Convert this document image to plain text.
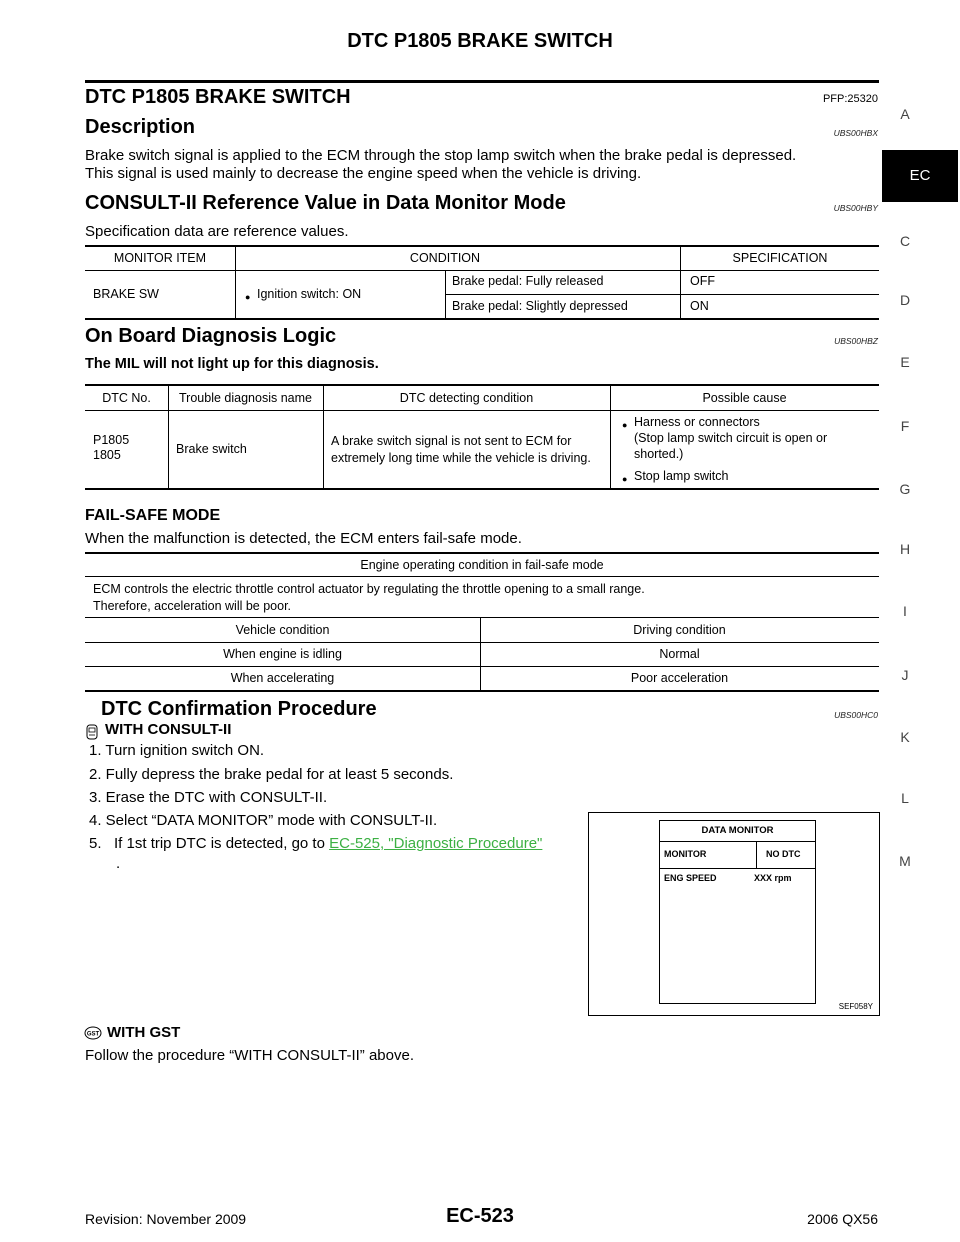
DTC P1805 BRAKE SWITCH
DTC P1805 BRAKE SWITCH	PFP:25320
Description	UBS00HBX
Brake switch signal is applied to the ECM through the stop lamp switch when the brake pedal is depressed.
This signal is used mainly to decrease the engine speed when the vehicle is driving.
CONSULT-II Reference Value in Data Monitor Mode	UBS00HBY
Specification data are reference values.
MONITOR ITEM	CONDITION	SPECIFICATION
BRAKE SW
●	Ignition switch: ON
Brake pedal: Fully released	OFF
Brake pedal: Slightly depressed	ON
On Board Diagnosis Logic	UBS00HBZ
The MIL will not light up for this diagnosis.
DTC No.	Trouble diagnosis name	DTC detecting condition	Possible cause
P1805
1805	Brake switch
A brake switch signal is not sent to ECM for
extremely long time while the vehicle is driving.
● Harness or connectors
(Stop lamp switch circuit is open or
shorted.)
● Stop lamp switch
FAIL-SAFE MODE
When the malfunction is detected, the ECM enters fail-safe mode.
Engine operating condition in fail-safe mode
ECM controls the electric throttle control actuator by regulating the throttle opening to a small range.
Therefore, acceleration will be poor.
Vehicle condition	Driving condition
When engine is idling	Normal
When accelerating	Poor acceleration
DTC Confirmation Procedure	UBS00HC0
WITH CONSULT-II
1. Turn ignition switch ON.
2. Fully depress the brake pedal for at least 5 seconds.
3. Erase the DTC with CONSULT-II.
4. Select “DATA MONITOR” mode with CONSULT-II.
5.   If 1st trip DTC is detected, go to EC-525, "Diagnostic Procedure"
.
DATA MONITOR
MONITOR	NO DTC
ENG SPEED	XXX rpm
SEF058Y
GST WITH GST
Follow the procedure “WITH CONSULT-II” above.
A
EC
C
D
E
F
G
H
I
J
K
L
M
Revision: November 2009	EC-523	2006 QX56
